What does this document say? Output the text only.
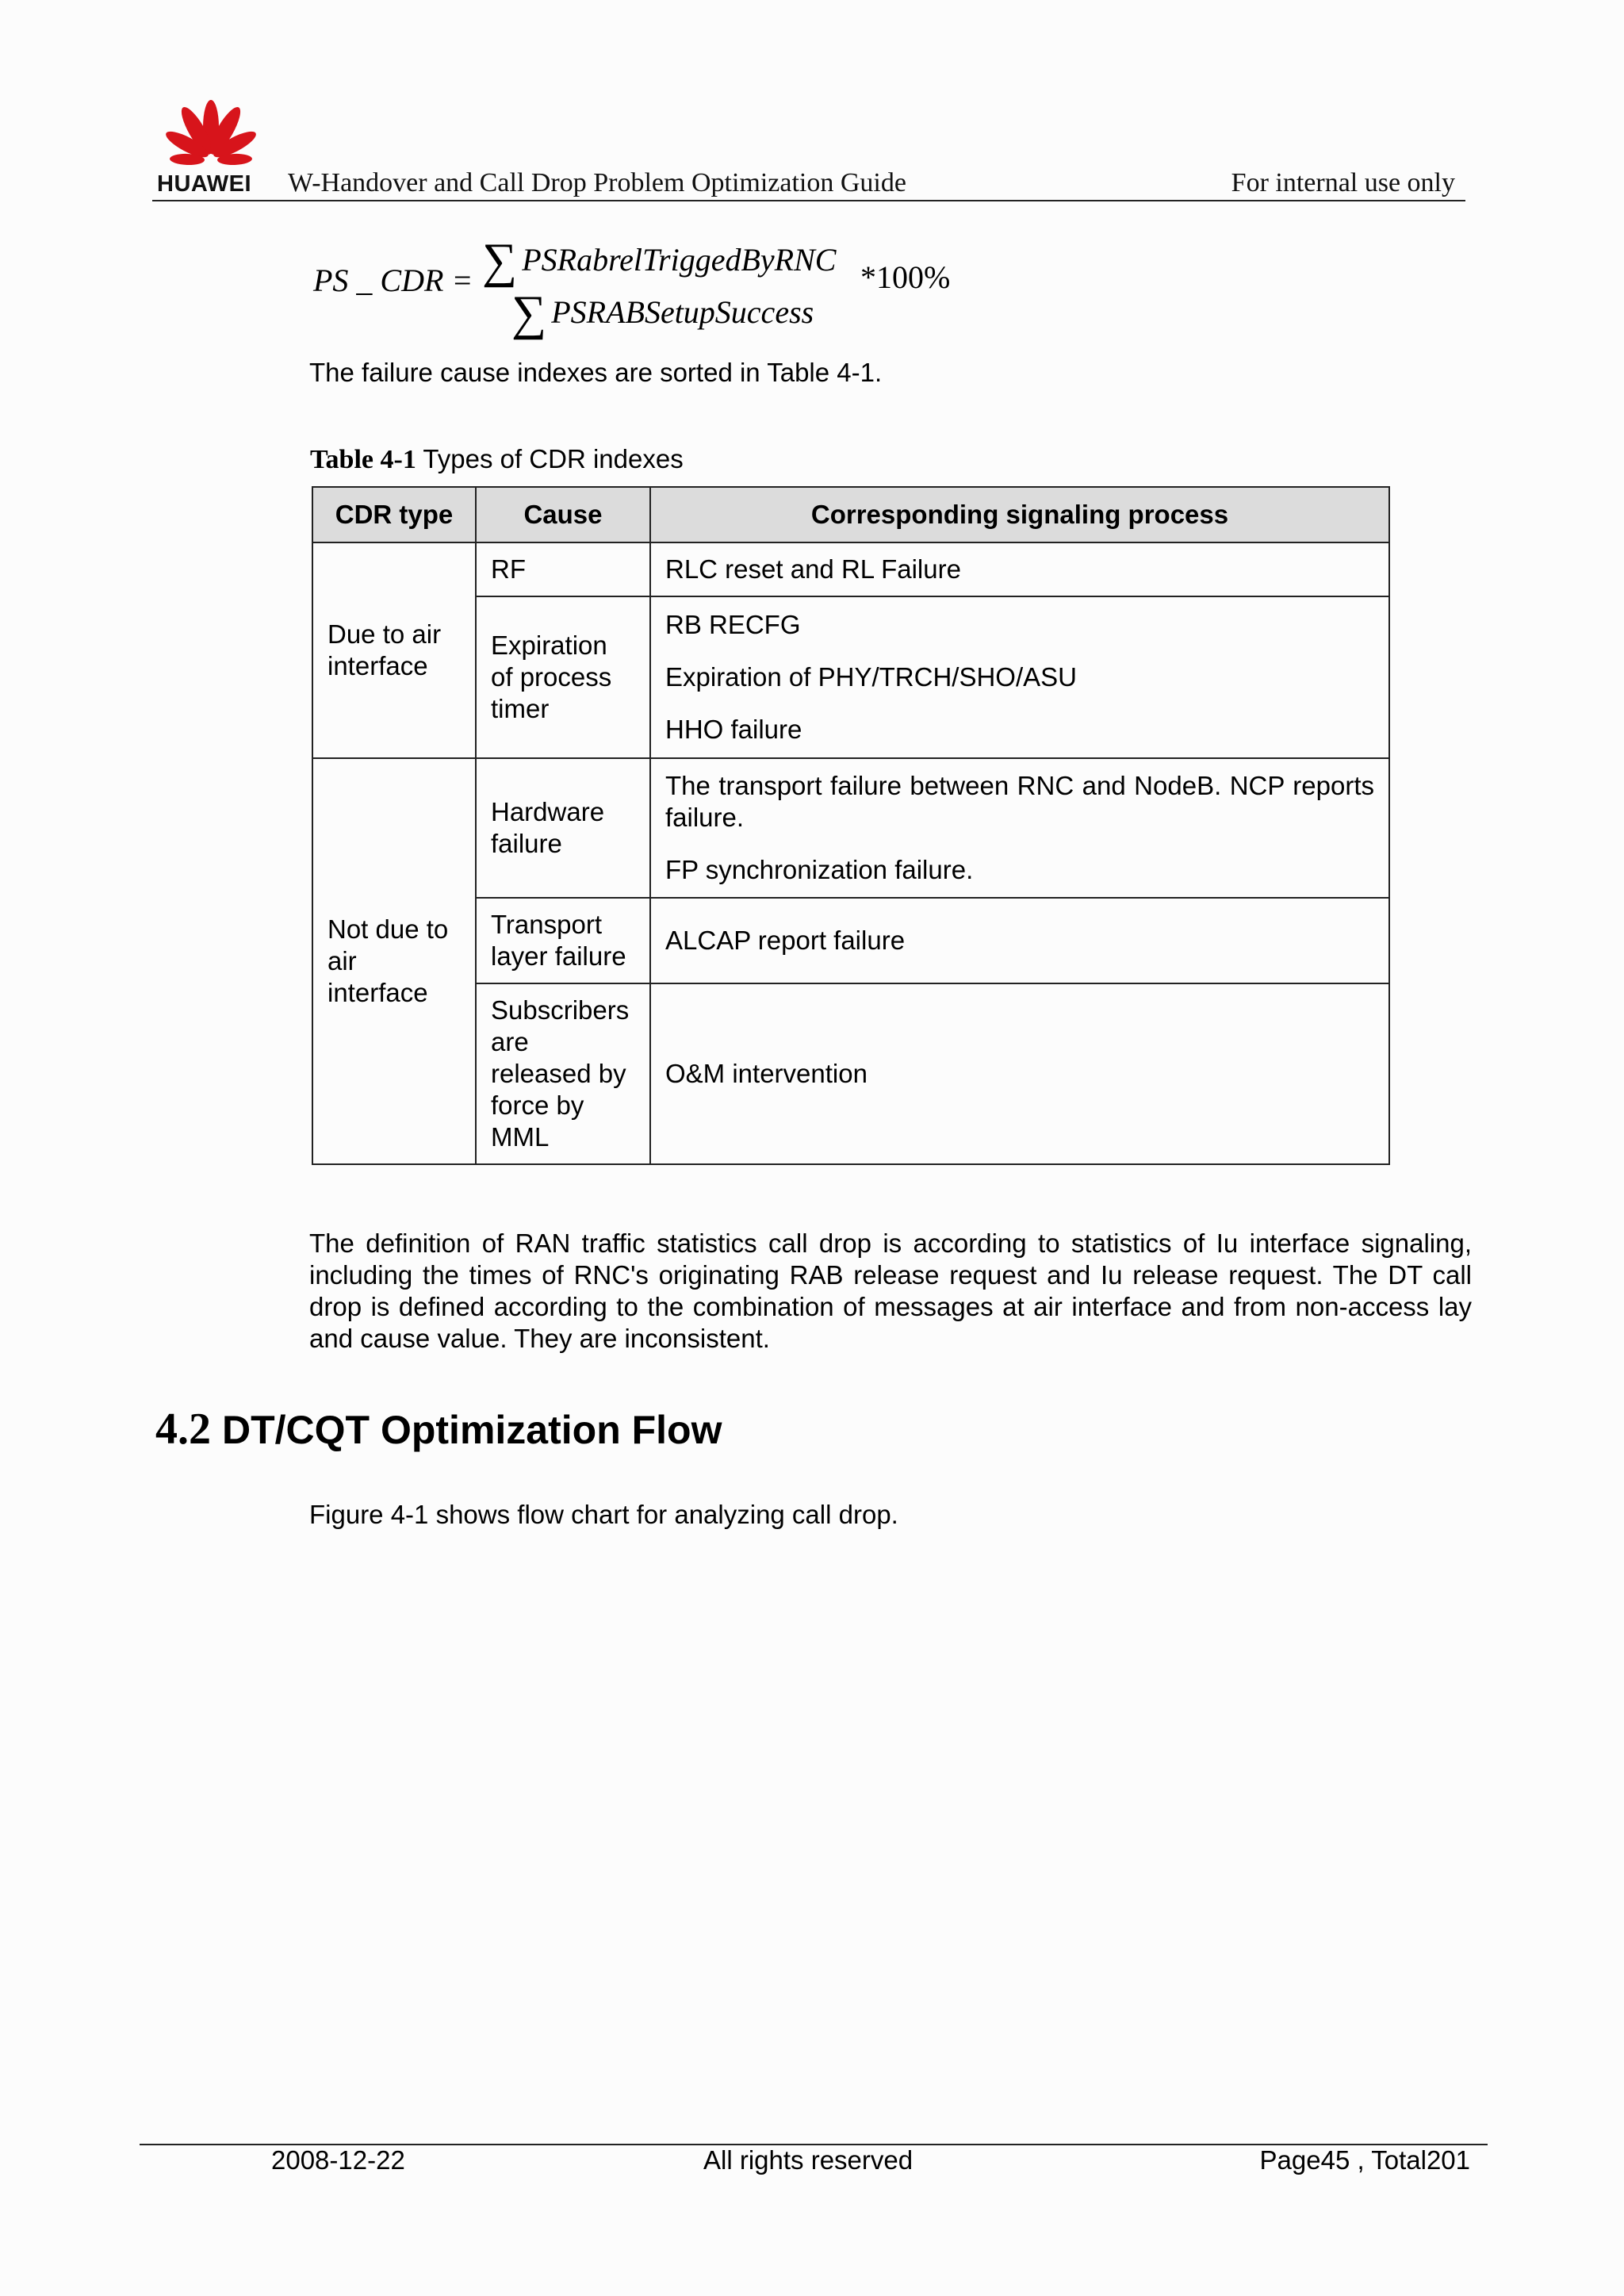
HUAWEI	W-Handover and Call Drop Problem Optimization Guide	For internal use only
PS _ CDR = ∑ PSRabrelTriggedByRNC
∑ PSRABSetupSuccess
*100%
The failure cause indexes are sorted in Table 4-1.
Table 4-1 Types of CDR indexes
CDR type	Cause	Corresponding signaling process
Due to air interface	RF	RLC reset and RL Failure

	Expiration of process timer	RB RECFG
Expiration of PHY/TRCH/SHO/ASU
HHO failure

Not due to air interface	Hardware failure	The transport failure between RNC and NodeB. NCP reports failure.
FP synchronization failure.

	Transport layer failure	ALCAP report failure

	Subscribers are released by force by MML	O&M intervention
The definition of RAN traffic statistics call drop is according to statistics of Iu interface signaling, including the times of RNC's originating RAB release request and Iu release request. The DT call drop is defined according to the combination of messages at air interface and from non-access lay and cause value. They are inconsistent.
4.2 DT/CQT Optimization Flow
Figure 4-1 shows flow chart for analyzing call drop.
2008-12-22	All rights reserved	Page45 , Total201
